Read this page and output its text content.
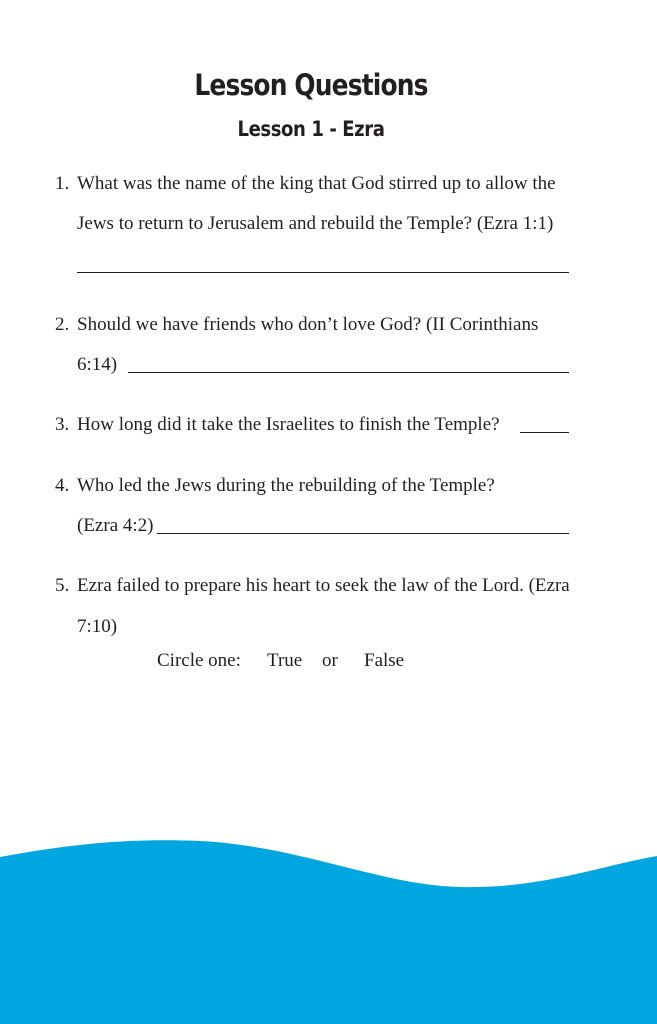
Lesson Questions
Lesson 1 - Ezra
1. What was the name of the king that God stirred up to allow the
Jews to return to Jerusalem and rebuild the Temple? (Ezra 1:1)
2. Should we have friends who don’t love God? (II Corinthians
6:14)
3. How long did it take the Israelites to finish the Temple?
4. Who led the Jews during the rebuilding of the Temple?
(Ezra 4:2)
5. Ezra failed to prepare his heart to seek the law of the Lord. (Ezra
7:10)
Circle one: True or False
